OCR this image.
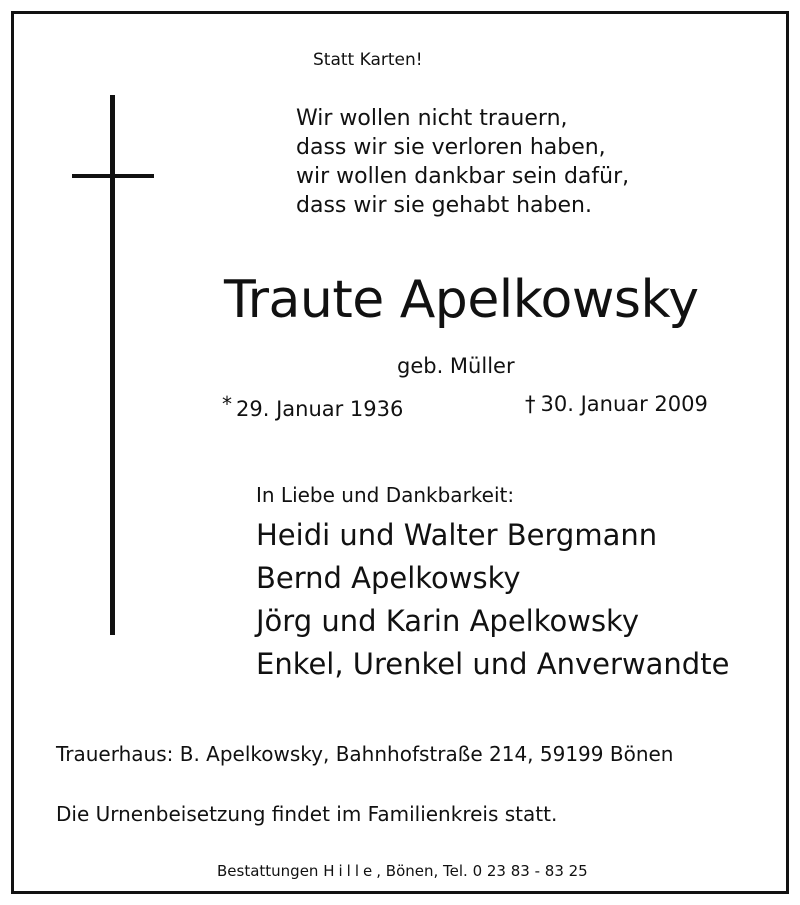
Statt Karten!
Wir wollen nicht trauern,
dass wir sie verloren haben,
wir wollen dankbar sein dafür,
dass wir sie gehabt haben.
Traute Apelkowsky
geb. Müller
* 29. Januar 1936	† 30. Januar 2009
In Liebe und Dankbarkeit:
Heidi und Walter Bergmann
Bernd Apelkowsky
Jörg und Karin Apelkowsky
Enkel, Urenkel und Anverwandte
Trauerhaus: B. Apelkowsky, Bahnhofstraße 214, 59199 Bönen
Die Urnenbeisetzung findet im Familienkreis statt.
Bestattungen Hille, Bönen, Tel. 0 23 83 - 83 25
